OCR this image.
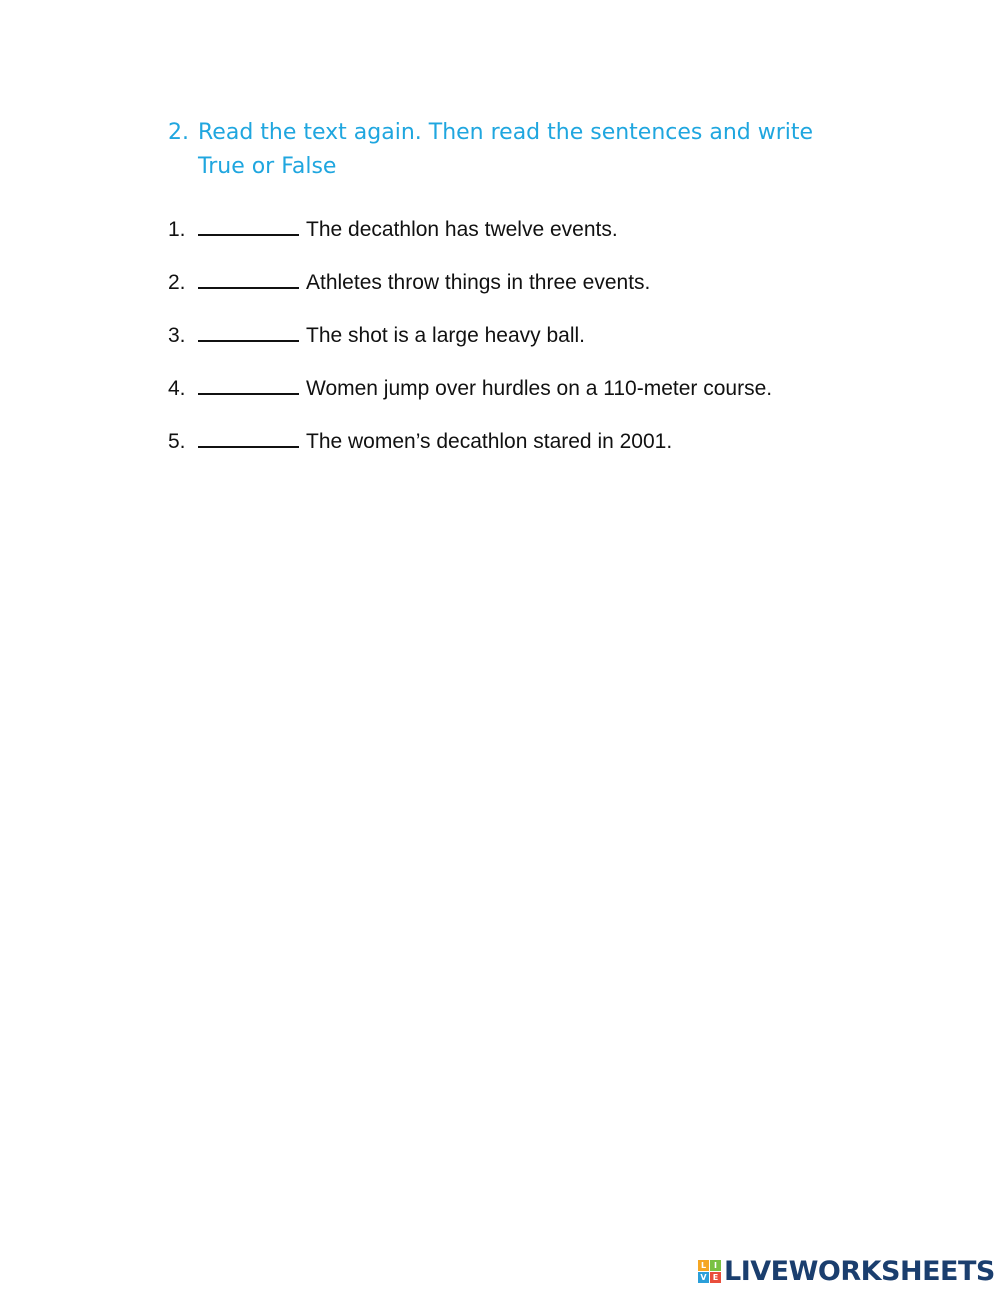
2. Read the text again. Then read the sentences and write
True or False
1.	The decathlon has twelve events.
2.	Athletes throw things in three events.
3.	The shot is a large heavy ball.
4.	Women jump over hurdles on a 110-meter course.
5.	The women’s decathlon stared in 2001.
L I
V E LIVEWORKSHEETS
